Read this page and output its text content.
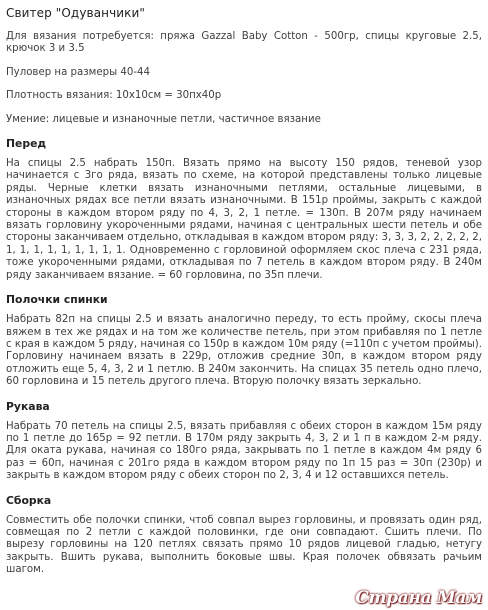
Свитер "Одуванчики"

Для вязания потребуется: пряжа Gazzal Baby Cotton - 500гр, спицы круговые 2.5, крючок 3 и 3.5

Пуловер на размеры 40-44

Плотность вязания: 10х10см = 30пх40р

Умение: лицевые и изнаночные петли, частичное вязание

Перед

На спицы 2.5 набрать 150п. Вязать прямо на высоту 150 рядов, теневой узор начинается с 3го ряда, вязать по схеме, на которой представлены только лицевые ряды. Черные клетки вязать изнаночными петлями, остальные лицевыми, в изнаночных рядах все петли вязать изнаночными. В 151р проймы, закрыть с каждой стороны в каждом втором ряду по 4, 3, 2, 1 петле. = 130п. В 207м ряду начинаем вязать горловину укороченными рядами, начиная с центральных шести петель и обе стороны заканчиваем отдельно, откладывая в каждом втором ряду: 3, 3, 3, 2, 2, 2, 2, 2, 1, 1, 1, 1, 1, 1, 1, 1, 1. Одновременно с горловиной оформляем скос плеча с 231 ряда, тоже укороченными рядами, откладывая по 7 петель в каждом втором ряду. В 240м ряду заканчиваем вязание. = 60 горловина, по 35п плечи.

Полочки спинки

Набрать 82п на спицы 2.5 и вязать аналогично переду, то есть пройму, скосы плеча вяжем в тех же рядах и на том же количестве петель, при этом прибавляя по 1 петле с края в каждом 5 ряду, начиная со 150р в каждом 10м ряду (=110п с учетом проймы). Горловину начинаем вязать в 229р, отложив средние 30п, в каждом втором ряду отложить еще 5, 4, 3, 2 и 1 петлю. В 240м закончить. На спицах 35 петель одно плечо, 60 горловина и 15 петель другого плеча. Вторую полочку вязать зеркально.

Рукава

Набрать 70 петель на спицы 2.5, вязать прибавляя с обеих сторон в каждом 15м ряду по 1 петле до 165р = 92 петли. В 170м ряду закрыть 4, 3, 2 и 1 п в каждом 2-м ряду. Для оката рукава, начиная со 180го ряда, закрывать по 1 петле в каждом 4м ряду 6 раз = 60п, начиная с 201го ряда в каждом втором ряду по 1п 15 раз = 30п (230р) и закрыть в каждом втором ряду с обеих сторон по 2, 3, 4 и 12 оставшихся петель.

Сборка

Совместить обе полочки спинки, чтоб совпал вырез горловины, и провязать один ряд, совмещая по 2 петли с каждой половинки, где они совпадают. Сшить плечи. По вырезу горловины на 120 петлях связать прямо 10 рядов лицевой гладью, нетугу закрыть. Вшить рукава, выполнить боковые швы. Края полочек обвязать рачьим шагом.

Страна Мам
